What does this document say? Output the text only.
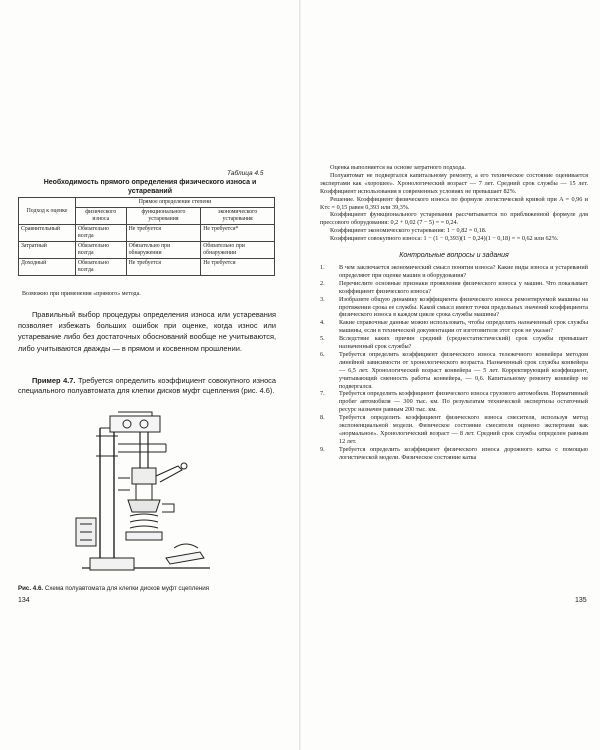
Таблица 4.5
Необходимость прямого определения физического износа и устареваний
Подход к оценке	Прямое определение степени		
	физического износа	функционального устаревания	экономического устаревания
Сравнительный	Обязательно всегда	Не требуется	Не требуется*
Затратный	Обязательно всегда	Обязательно при обнаружении	Обязательно при обнаружении
Доходный	Обязательно всегда	Не требуется	Не требуется
Возможно при применения «прямого» метода.
Правильный выбор процедуры определения износа или устаревания позволяет избежать больших ошибок при оценке, когда износ или устаревание либо без достаточных обоснований вообще не учитываются, либо учитываются дважды — в прямом и косвенном прошлении.
Пример 4.7. Требуется определить коэффициент совокупного износа специального полуавтомата для клепки дисков муфт сцепления (рис. 4.6).
Рис. 4.6. Схема полуавтомата для клепки дисков муфт сцепления
134	135

Оценка выполняется на основе затратного подхода.

Полуавтомат не подвергался капитальному ремонту, а его техническое состояние оценивается экспертами как «хорошее». Хронологический возраст — 7 лет. Средний срок службы — 15 лет. Коэффициент использования в современных условиях не превышает 82%.

Решение. Коэффициент физического износа по формуле логистической кривой при A = 0,96 и Kтс = 0,15 равен 0,393 или 39,3%.

Коэффициент функционального устаревания рассчитывается по приближенной формуле для прессового оборудования: 0,2 + 0,02 (7 − 5) = = 0,24.

Коэффициент экономического устаревания: 1 − 0,82 = 0,18.

Коэффициент совокупного износа: 1 − (1 − 0,393)(1 − 0,24)(1 − 0,18) = = 0,62 или 62%.

Контрольные вопросы и задания

1. В чем заключается экономический смысл понятия износа? Какие виды износа и устареваний определяют при оценке машин и оборудования?
2. Перечислите основные признаки проявления физического износа у машин. Что показывает коэффициент физического износа?
3. Изобразите общую динамику коэффициента физического износа ремонтируемой машины на протяжении срока ее службы. Какой смысл имеют точки предельных значений коэффициента физического износа в каждом цикле срока службы машины?
4. Какие справочные данные можно использовать, чтобы определить назначенный срок службы машины, если в технической документации от изготовителя этот срок не указан?
5. Вследствие каких причин средний (среднестатистический) срок службы превышает назначенный срок службы?
6. Требуется определить коэффициент физического износа тележечного конвейера методом линейной зависимости от хронологического возраста. Назначенный срок службы конвейера — 6,5 лет. Хронологический возраст конвейера — 5 лет. Корректирующий коэффициент, учитывающий сменность работы конвейера, — 0,6. Капитальному ремонту конвейер не подвергался.
7. Требуется определить коэффициент физического износа грузового автомобиля. Нормативный пробег автомобиля — 300 тыс. км. По результатам технической экспертизы остаточный ресурс назначен равным 200 тыс. км.
8. Требуется определить коэффициент физического износа смесителя, используя метод экспоненциальной модели. Физическое состояние смесителя оценено экспертами как «нормальное». Хронологический возраст — 8 лет. Средний срок службы определен равным 12 лет.
9. Требуется определить коэффициент физического износа дорожного катка с помощью логистической модели. Физическое состояние катка
